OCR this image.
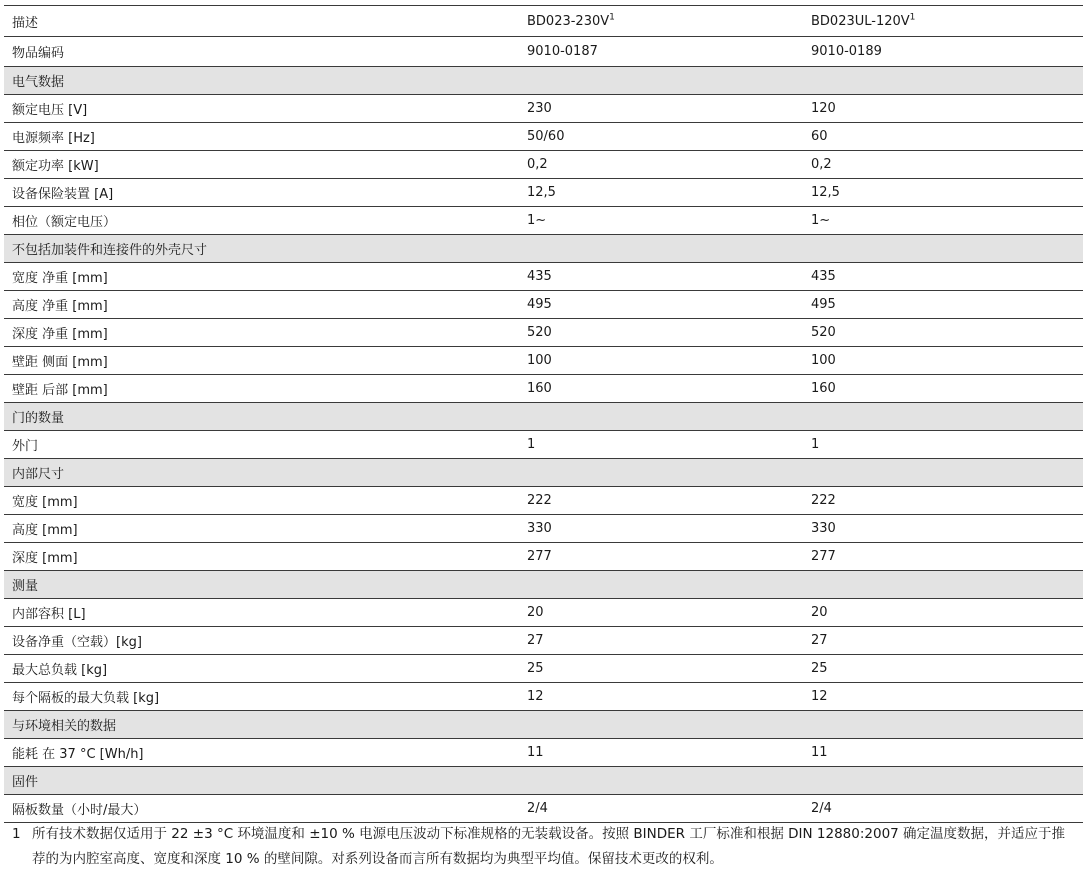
描述	$BD023-230V^1$	$BD023UL-120V^1$
物品编码	9010-0187	9010-0189
电气数据		
额定电压 [V]	230	120
电源频率 [Hz]	50/60	60
额定功率 [kW]	0,2	0,2
设备保险装置 [A]	12,5	12,5
相位（额定电压）	1~	1~
不包括加装件和连接件的外壳尺寸		
宽度 净重 [mm]	435	435
高度 净重 [mm]	495	495
深度 净重 [mm]	520	520
壁距 侧面 [mm]	100	100
壁距 后部 [mm]	160	160
门的数量		
外门	1	1
内部尺寸		
宽度 [mm]	222	222
高度 [mm]	330	330
深度 [mm]	277	277
测量		
内部容积 [L]	20	20
设备净重（空载）[kg]	27	27
最大总负载 [kg]	25	25
每个隔板的最大负载 [kg]	12	12
与环境相关的数据		
能耗 在 37 °C [Wh/h]	11	11
固件		
隔板数量（小时/最大）	2/4	2/4
1 所有技术数据仅适用于 22 ±3 °C 环境温度和 ±10 % 电源电压波动下标准规格的无装载设备。按照 BINDER 工厂标准和根据 DIN 12880:2007 确定温度数据，并适应于推荐的为内腔室高度、宽度和深度 10 % 的壁间隙。对系列设备而言所有数据均为典型平均值。保留技术更改的权利。
